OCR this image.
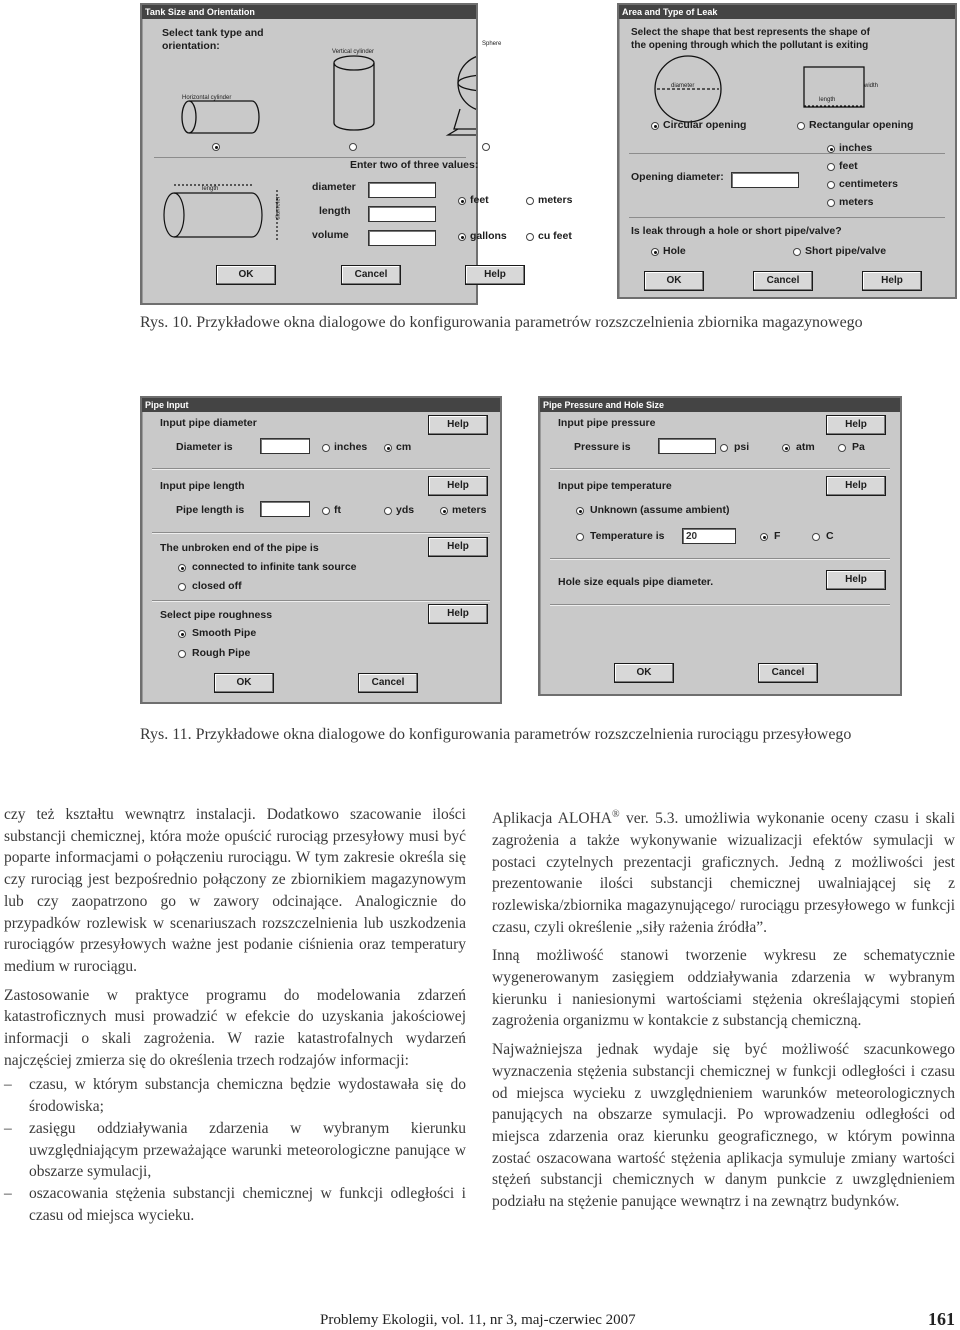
Tank Size and Orientation
Select tank type and
orientation:
Horizontal cylinder
Vertical cylinder
Sphere
length
diameter
Enter two of three values:
diameter
length
volume
feet	meters
gallons	cu feet
OK	Cancel	Help
Area and Type of Leak
Select the shape that best represents the shape of
the opening through which the pollutant is exiting
diameter	width
length
Circular opening	Rectangular opening
Opening diameter:
inches
feet
centimeters
meters
Is leak through a hole or short pipe/valve?
Hole	Short pipe/valve
OK	Cancel	Help
Rys. 10. Przykładowe okna dialogowe do konfigurowania parametrów rozszczelnienia zbiornika magazynowego
Pipe Input
Input pipe diameter
Diameter is	inches	cm
Input pipe length
Pipe length is	ft	yds	meters
The unbroken end of the pipe is
connected to infinite tank source
closed off
Select pipe roughness
Smooth Pipe
Rough Pipe
Help
Help
Help
Help
OK	Cancel
Pipe Pressure and Hole Size
Input pipe pressure
Pressure is	psi	atm	Pa
Input pipe temperature
Unknown (assume ambient)
Temperature is	20	F	C
Hole size equals pipe diameter.
Help
Help
Help
OK	Cancel
Rys. 11. Przykładowe okna dialogowe do konfigurowania parametrów rozszczelnienia rurociągu przesyłowego

czy też kształtu wewnątrz instalacji. Dodatkowo szacowanie ilości substancji chemicznej, która może opuścić rurociąg przesyłowy musi być poparte informacjami o połączeniu rurociągu. W tym zakresie określa się czy rurociąg jest bezpośrednio połączony ze zbiornikiem magazynowym lub czy zaopatrzono go w zawory odcinające. Analogicznie do przypadków rozlewisk w scenariuszach rozszczelnienia lub uszkodzenia rurociągów przesyłowych ważne jest podanie ciśnienia oraz temperatury medium w rurociągu.

Zastosowanie w praktyce programu do modelowania zdarzeń katastroficznych musi prowadzić w efekcie do uzyskania jakościowej informacji o skali zagrożenia. W razie katastrofalnych wydarzeń najczęściej zmierza się do określenia trzech rodzajów informacji:

– czasu, w którym substancja chemiczna będzie wydostawała się do środowiska;
– zasięgu oddziaływania zdarzenia w wybranym kierunku uwzględniającym przeważające warunki meteorologiczne panujące w obszarze symulacji,
– oszacowania stężenia substancji chemicznej w funkcji odległości i czasu od miejsca wycieku.

Aplikacja ALOHA® ver. 5.3. umożliwia wykonanie oceny czasu i skali zagrożenia a także wykonywanie wizualizacji efektów symulacji w postaci czytelnych prezentacji graficznych. Jedną z możliwości jest prezentowanie ilości substancji chemicznej uwalniającej się z rozlewiska/zbiornika magazynującego/ rurociągu przesyłowego w funkcji czasu, czyli określenie „siły rażenia źródła”.

Inną możliwość stanowi tworzenie wykresu ze schematycznie wygenerowanym zasięgiem oddziaływania zdarzenia w wybranym kierunku i naniesionymi wartościami stężenia określającymi stopień zagrożenia organizmu w kontakcie z substancją chemiczną.

Najważniejsza jednak wydaje się być możliwość szacunkowego wyznaczenia stężenia substancji chemicznej w funkcji odległości i czasu od miejsca wycieku z uwzględnieniem warunków meteorologicznych panujących na obszarze symulacji. Po wprowadzeniu odległości od miejsca zdarzenia oraz kierunku geograficznego, w którym powinna zostać oszacowana wartość stężenia aplikacja symuluje zmiany wartości stężeń substancji chemicznych w danym punkcie z uwzględnieniem podziału na stężenie panujące wewnątrz i na zewnątrz budynków.

Problemy Ekologii, vol. 11, nr 3, maj-czerwiec 2007	161
